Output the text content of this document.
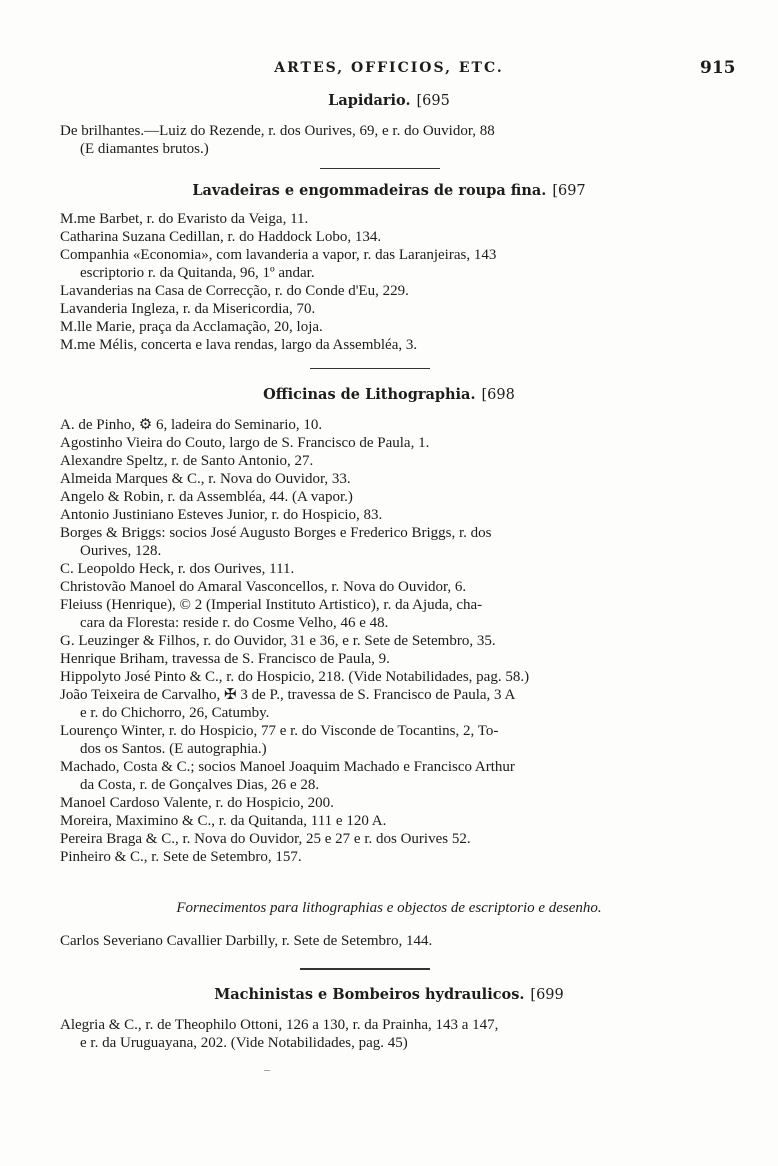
ARTES, OFFICIOS, ETC.	915
Lapidario. [695
De brilhantes.—Luiz do Rezende, r. dos Ourives, 69, e r. do Ouvidor, 88
(E diamantes brutos.)
Lavadeiras e engommadeiras de roupa fina. [697
M.me Barbet, r. do Evaristo da Veiga, 11.
Catharina Suzana Cedillan, r. do Haddock Lobo, 134.
Companhia «Economia», com lavanderia a vapor, r. das Laranjeiras, 143
escriptorio r. da Quitanda, 96, 1º andar.
Lavanderias na Casa de Correcção, r. do Conde d'Eu, 229.
Lavanderia Ingleza, r. da Misericordia, 70.
M.lle Marie, praça da Acclamação, 20, loja.
M.me Mélis, concerta e lava rendas, largo da Assembléa, 3.
Officinas de Lithographia. [698
A. de Pinho, ⚙ 6, ladeira do Seminario, 10.
Agostinho Vieira do Couto, largo de S. Francisco de Paula, 1.
Alexandre Speltz, r. de Santo Antonio, 27.
Almeida Marques & C., r. Nova do Ouvidor, 33.
Angelo & Robin, r. da Assembléa, 44. (A vapor.)
Antonio Justiniano Esteves Junior, r. do Hospicio, 83.
Borges & Briggs: socios José Augusto Borges e Frederico Briggs, r. dos
Ourives, 128.
C. Leopoldo Heck, r. dos Ourives, 111.
Christovão Manoel do Amaral Vasconcellos, r. Nova do Ouvidor, 6.
Fleiuss (Henrique), © 2 (Imperial Instituto Artistico), r. da Ajuda, cha-
cara da Floresta: reside r. do Cosme Velho, 46 e 48.
G. Leuzinger & Filhos, r. do Ouvidor, 31 e 36, e r. Sete de Setembro, 35.
Henrique Briham, travessa de S. Francisco de Paula, 9.
Hippolyto José Pinto & C., r. do Hospicio, 218. (Vide Notabilidades, pag. 58.)
João Teixeira de Carvalho, ✠ 3 de P., travessa de S. Francisco de Paula, 3 A
e r. do Chichorro, 26, Catumby.
Lourenço Winter, r. do Hospicio, 77 e r. do Visconde de Tocantins, 2, To-
dos os Santos. (E autographia.)
Machado, Costa & C.; socios Manoel Joaquim Machado e Francisco Arthur
da Costa, r. de Gonçalves Dias, 26 e 28.
Manoel Cardoso Valente, r. do Hospicio, 200.
Moreira, Maximino & C., r. da Quitanda, 111 e 120 A.
Pereira Braga & C., r. Nova do Ouvidor, 25 e 27 e r. dos Ourives 52.
Pinheiro & C., r. Sete de Setembro, 157.
Fornecimentos para lithographias e objectos de escriptorio e desenho.
Carlos Severiano Cavallier Darbilly, r. Sete de Setembro, 144.
Machinistas e Bombeiros hydraulicos. [699
Alegria & C., r. de Theophilo Ottoni, 126 a 130, r. da Prainha, 143 a 147,
e r. da Uruguayana, 202. (Vide Notabilidades, pag. 45)
–
